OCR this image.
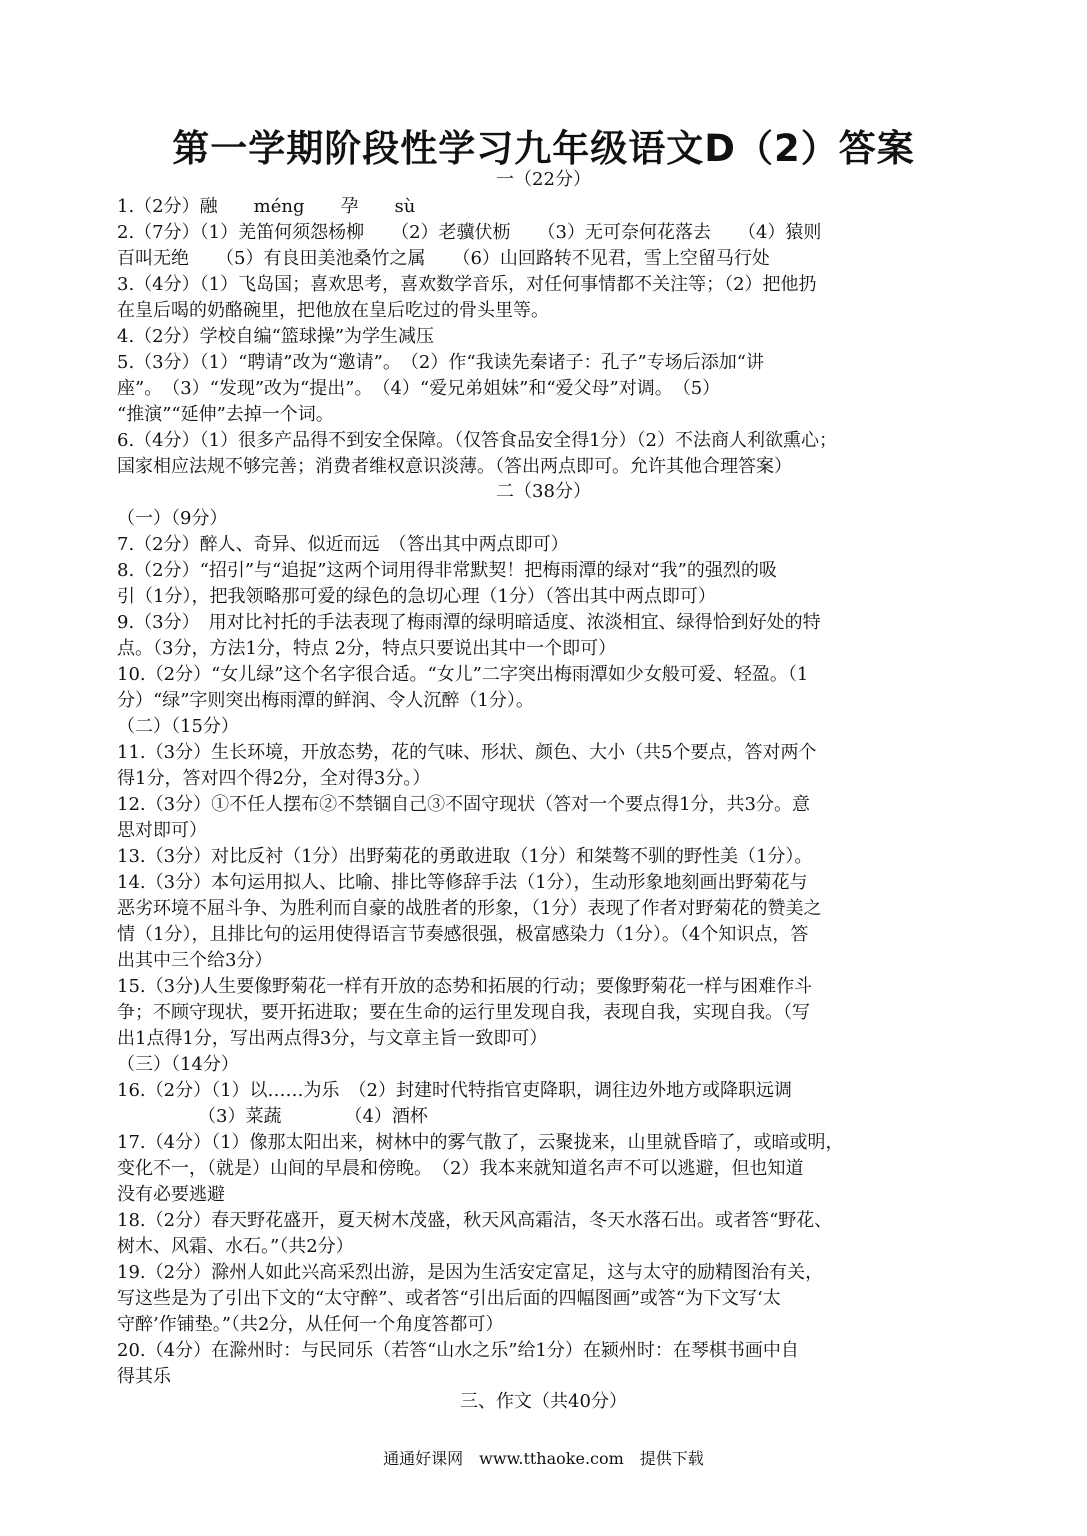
第一学期阶段性学习九年级语文D（2）答案
一（22分）
1.（2分）融　　méng　　孕　　sù
2.（7分）（1）羌笛何须怨杨柳　　（2）老骥伏枥　　（3）无可奈何花落去　　（4）猿则
百叫无绝　　（5）有良田美池桑竹之属　　（6）山回路转不见君，雪上空留马行处
3.（4分）（1）飞岛国；喜欢思考，喜欢数学音乐，对任何事情都不关注等；（2）把他扔
在皇后喝的奶酪碗里，把他放在皇后吃过的骨头里等。
4.（2分）学校自编“篮球操”为学生减压
5.（3分）（1）“聘请”改为“邀请”。　（2）作“我读先秦诸子：孔子”专场后添加“讲
座”。　（3）“发现”改为“提出”。　（4）“爱兄弟姐妹”和“爱父母”对调。　（5）
“推演”“延伸”去掉一个词。
6.（4分）（1）很多产品得不到安全保障。（仅答食品安全得1分）（2）不法商人利欲熏心；
国家相应法规不够完善；消费者维权意识淡薄。（答出两点即可。允许其他合理答案）
二（38分）
（一）（9分）
7.（2分）醉人、奇异、似近而远　（答出其中两点即可）
8.（2分）“招引”与“追捉”这两个词用得非常默契！把梅雨潭的绿对“我”的强烈的吸
引（1分），把我领略那可爱的绿色的急切心理（1分）（答出其中两点即可）
9.（3分）　用对比衬托的手法表现了梅雨潭的绿明暗适度、浓淡相宜、绿得恰到好处的特
点。（3分，方法1分，特点 2分，特点只要说出其中一个即可）
10.（2分）“女儿绿”这个名字很合适。“女儿”二字突出梅雨潭如少女般可爱、轻盈。（1
分）“绿”字则突出梅雨潭的鲜润、令人沉醉（1分）。
（二）（15分）
11.（3分）生长环境，开放态势，花的气味、形状、颜色、大小（共5个要点，答对两个
得1分，答对四个得2分，全对得3分。）
12.（3分）①不任人摆布②不禁锢自己③不固守现状（答对一个要点得1分，共3分。意
思对即可）
13.（3分）对比反衬（1分）出野菊花的勇敢进取（1分）和桀骜不驯的野性美（1分）。
14.（3分）本句运用拟人、比喻、排比等修辞手法（1分），生动形象地刻画出野菊花与
恶劣环境不屈斗争、为胜利而自豪的战胜者的形象，（1分）表现了作者对野菊花的赞美之
情（1分），且排比句的运用使得语言节奏感很强，极富感染力（1分）。（4个知识点，答
出其中三个给3分）
15.（3分)人生要像野菊花一样有开放的态势和拓展的行动；要像野菊花一样与困难作斗
争；不顾守现状，要开拓进取；要在生命的运行里发现自我，表现自我，实现自我。（写
出1点得1分，写出两点得3分，与文章主旨一致即可）
（三）（14分）
16.（2分）（1）以……为乐　（2）封建时代特指官吏降职，调往边外地方或降职远调
　　　　　（3）菜蔬　　　　（4）酒杯
17.（4分）（1）像那太阳出来，树林中的雾气散了，云聚拢来，山里就昏暗了，或暗或明，
变化不一，（就是）山间的早晨和傍晚。　（2）我本来就知道名声不可以逃避，但也知道
没有必要逃避
18.（2分）春天野花盛开，夏天树木茂盛，秋天风高霜洁，冬天水落石出。或者答“野花、
树木、风霜、水石。”（共2分）
19.（2分）滁州人如此兴高采烈出游，是因为生活安定富足，这与太守的励精图治有关，
写这些是为了引出下文的“太守醉”、或者答“引出后面的四幅图画”或答“为下文写‘太
守醉’作铺垫。”（共2分，从任何一个角度答都可）
20.（4分）在滁州时：与民同乐（若答“山水之乐”给1分）在颍州时：在琴棋书画中自
得其乐
三、作文（共40分）
通通好课网　www.tthaoke.com　提供下载
